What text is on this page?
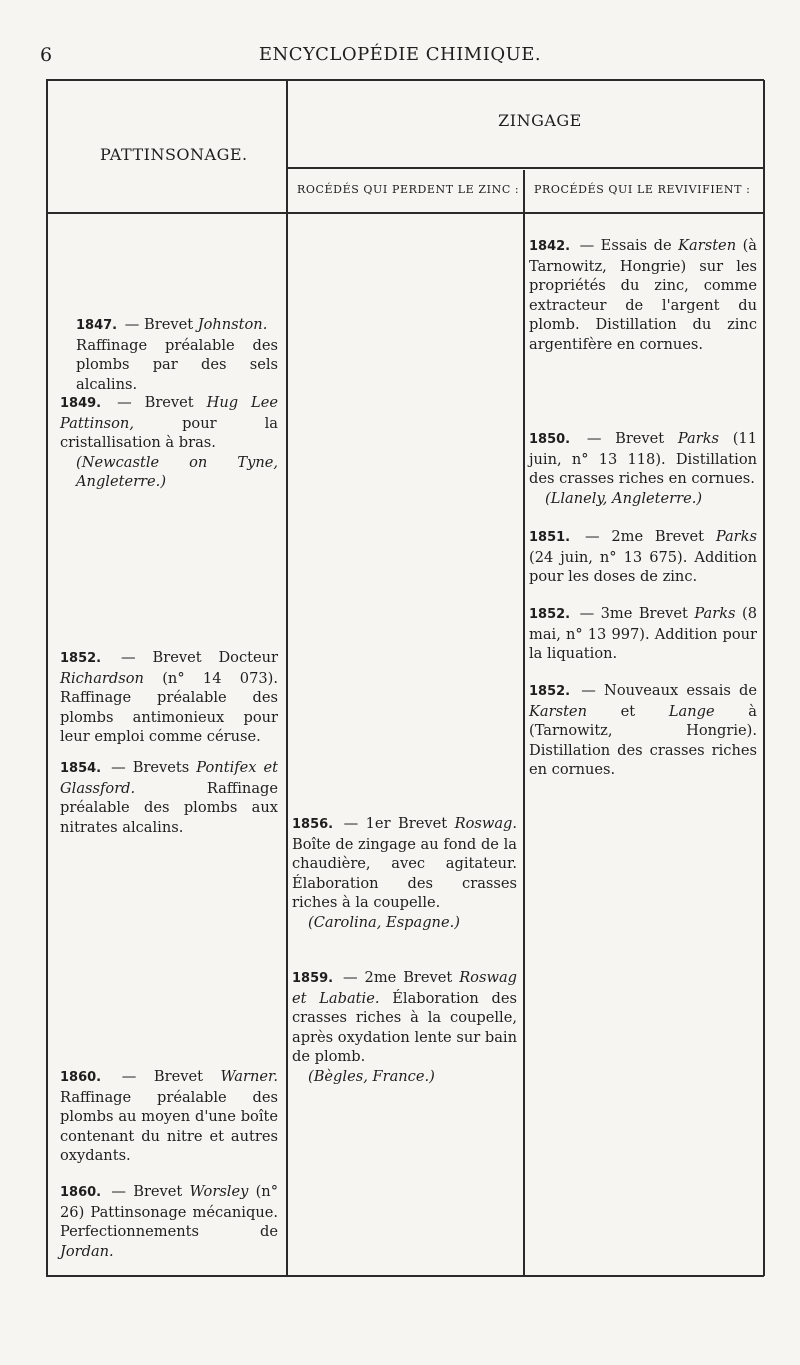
6	ENCYCLOPÉDIE CHIMIQUE.
PATTINSONAGE.
ZINGAGE
ROCÉDÉS QUI PERDENT LE ZINC : PROCÉDÉS QUI LE REVIVIFIENT :
1847. — Brevet Johnston.
Raffinage préalable des plombs par des sels alcalins.
1849. — Brevet Hug Lee Pattinson,	pour la cristallisation à bras.
(Newcastle on Tyne, Angleterre.)
1852. — Brevet Docteur Richardson (n° 14 073). Raffinage préalable des plombs antimonieux pour leur emploi comme céruse.
1854. — Brevets Pontifex et Glassford.	Raffinage préalable des plombs aux nitrates alcalins.
1860. — Brevet Warner. Raffinage préalable des plombs au moyen d'une boîte contenant du nitre et autres oxydants.
1860. — Brevet Worsley (n° 26) Pattinsonage mécanique. Perfectionnements de Jordan.
1856. — 1er Brevet Roswag. Boîte de zingage au fond de la chaudière, avec agitateur. Élaboration des crasses riches à la coupelle.
(Carolina, Espagne.)
1859. — 2me Brevet Roswag et Labatie. Élaboration des crasses riches à la coupelle, après oxydation lente sur bain de plomb.
(Bègles, France.)
1842. — Essais de Karsten (à Tarnowitz, Hongrie) sur les propriétés du zinc, comme extracteur de l'argent du plomb. Distillation du zinc argentifère en cornues.
1850. — Brevet Parks (11 juin, n° 13 118). Distillation des crasses riches en cornues.
(Llanely, Angleterre.)
1851. — 2me Brevet Parks (24 juin, n° 13 675). Addition pour les doses de zinc.
1852. — 3me Brevet Parks (8 mai, n° 13 997). Addition pour la liquation.
1852. — Nouveaux essais de Karsten et Lange à (Tarnowitz, Hongrie). Distillation des crasses riches en cornues.
